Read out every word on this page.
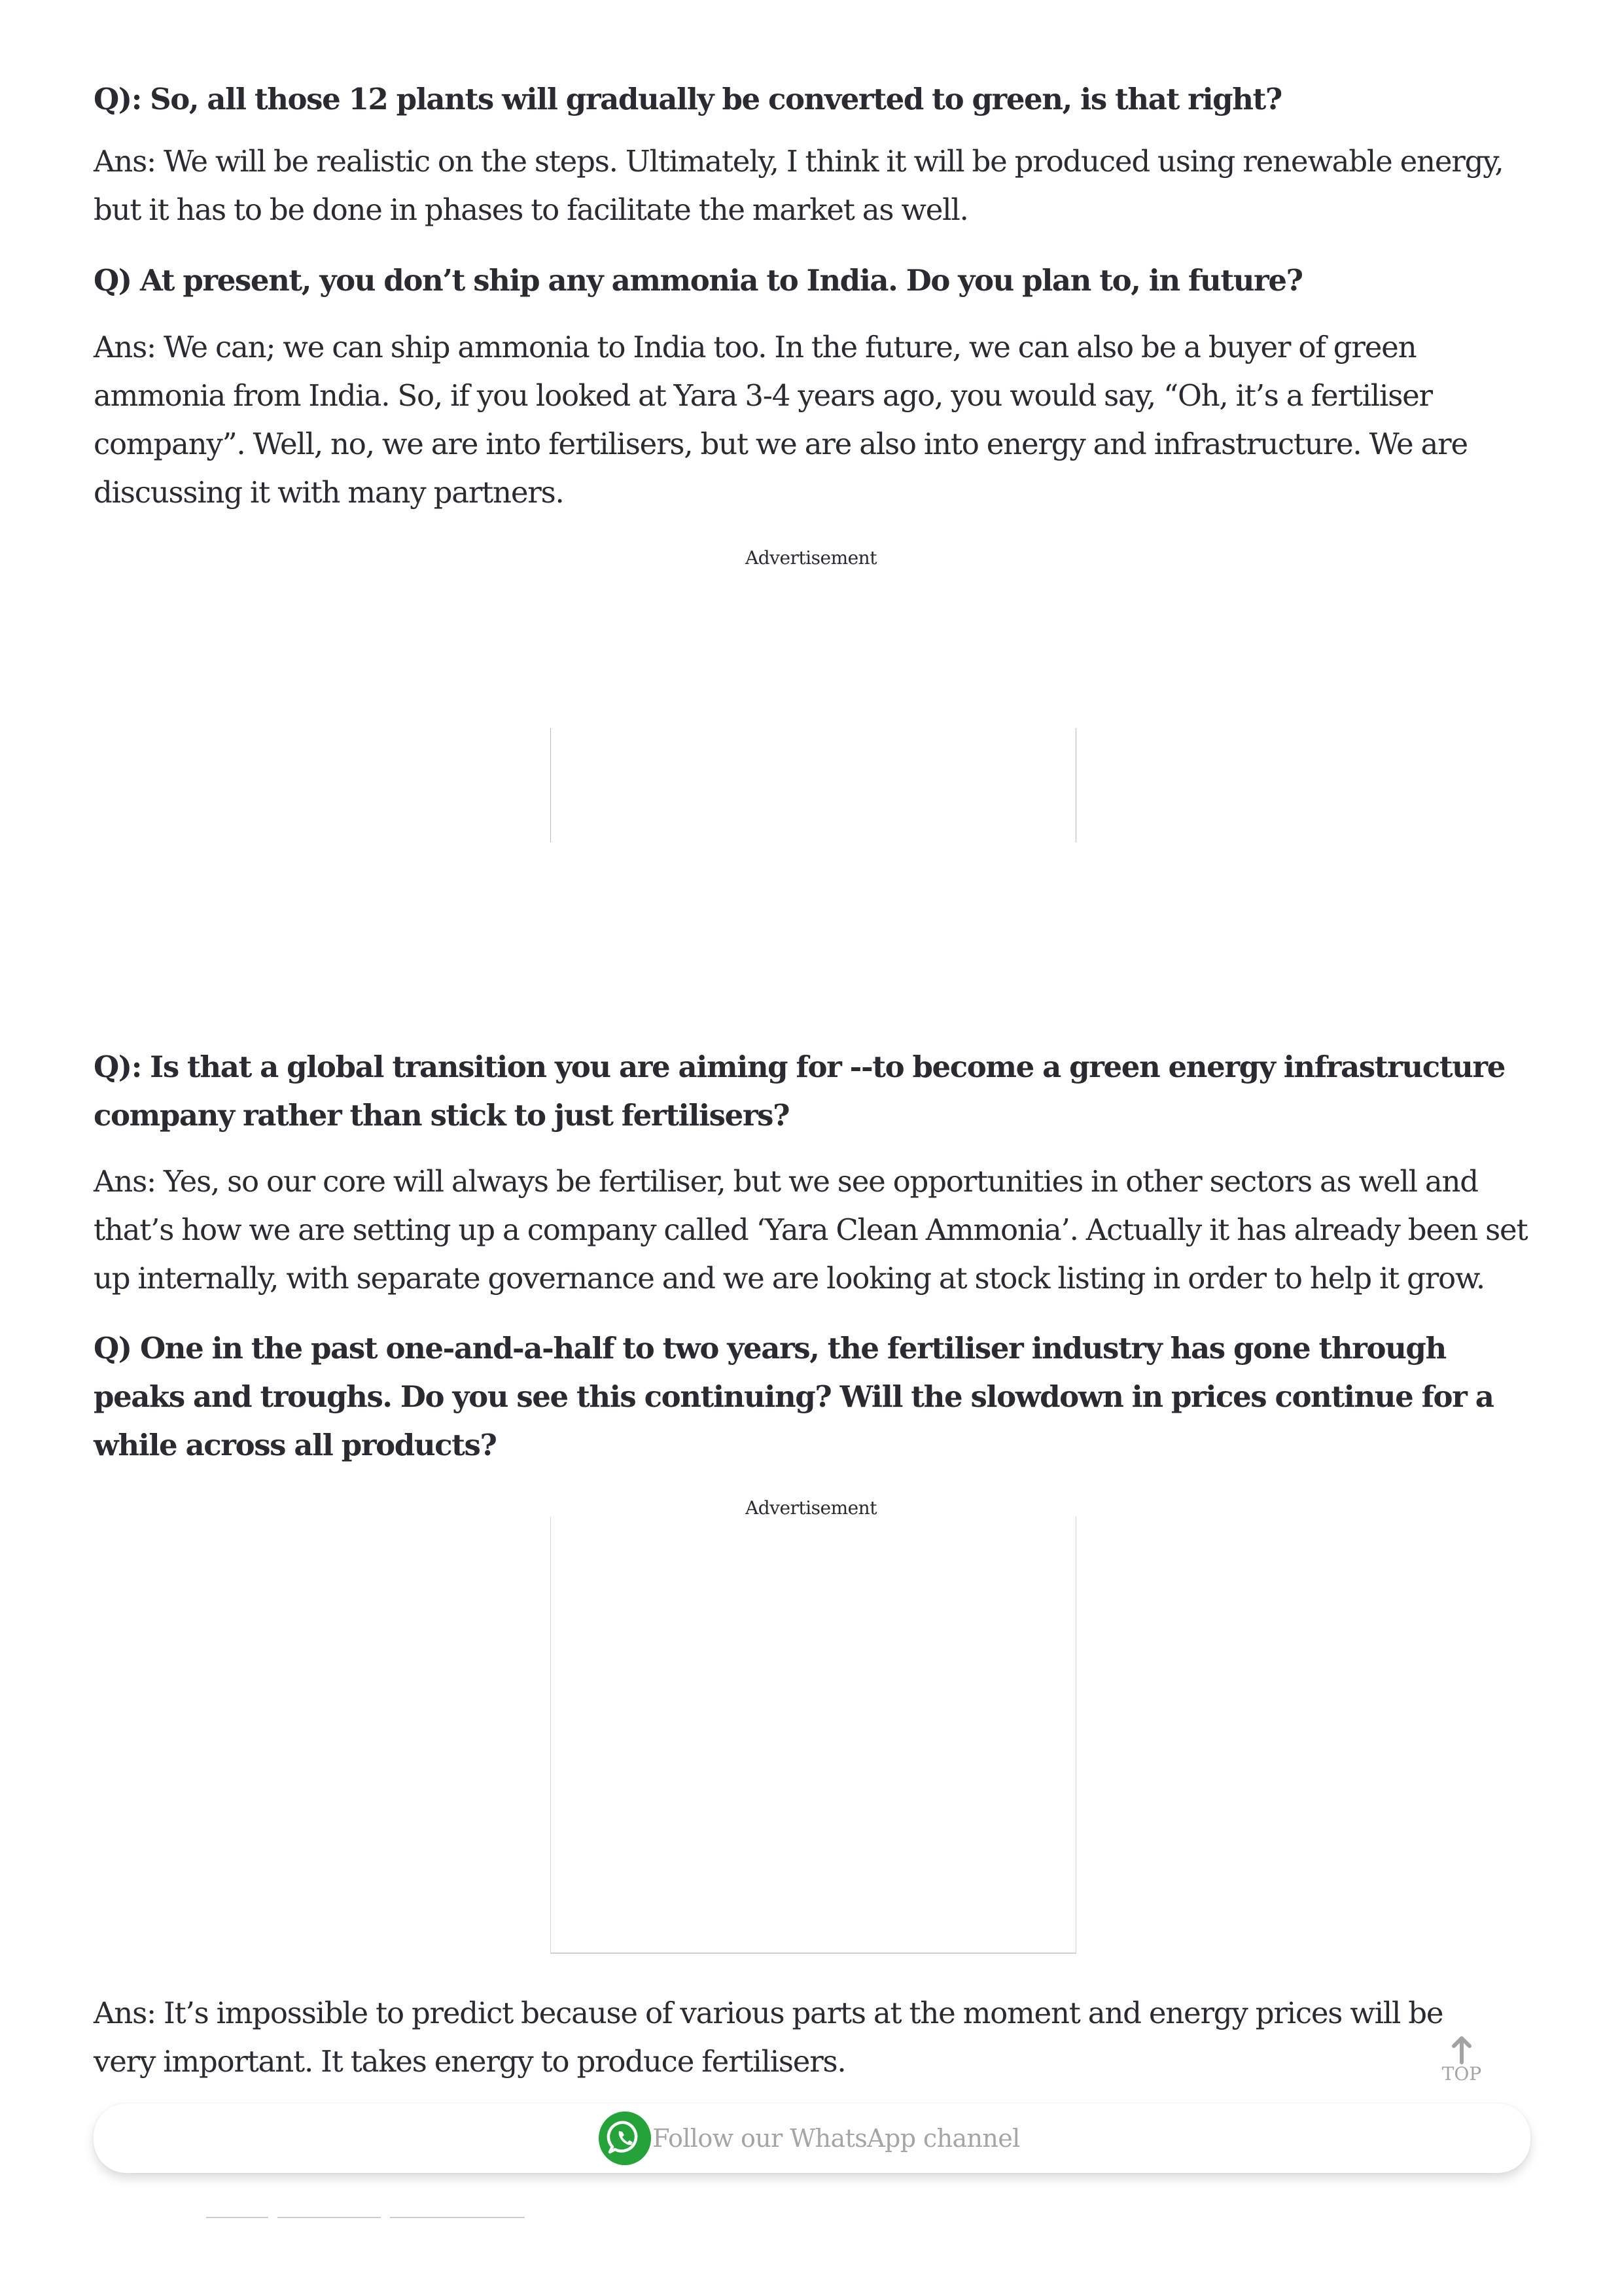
Q): So, all those 12 plants will gradually be converted to green, is that right?

Ans: We will be realistic on the steps. Ultimately, I think it will be produced using renewable energy, but it has to be done in phases to facilitate the market as well.

Q) At present, you don’t ship any ammonia to India. Do you plan to, in future?

Ans: We can; we can ship ammonia to India too. In the future, we can also be a buyer of green ammonia from India. So, if you looked at Yara 3-4 years ago, you would say, “Oh, it’s a fertiliser company”. Well, no, we are into fertilisers, but we are also into energy and infrastructure. We are discussing it with many partners.

Advertisement

Q): Is that a global transition you are aiming for --to become a green energy infrastructure company rather than stick to just fertilisers?

Ans: Yes, so our core will always be fertiliser, but we see opportunities in other sectors as well and that’s how we are setting up a company called ‘Yara Clean Ammonia’. Actually it has already been set up internally, with separate governance and we are looking at stock listing in order to help it grow.

Q) One in the past one-and-a-half to two years, the fertiliser industry has gone through peaks and troughs. Do you see this continuing? Will the slowdown in prices continue for a while across all products?

Advertisement

Ans: It’s impossible to predict because of various parts at the moment and energy prices will be very important. It takes energy to produce fertilisers.	TOP
Follow our WhatsApp channel
